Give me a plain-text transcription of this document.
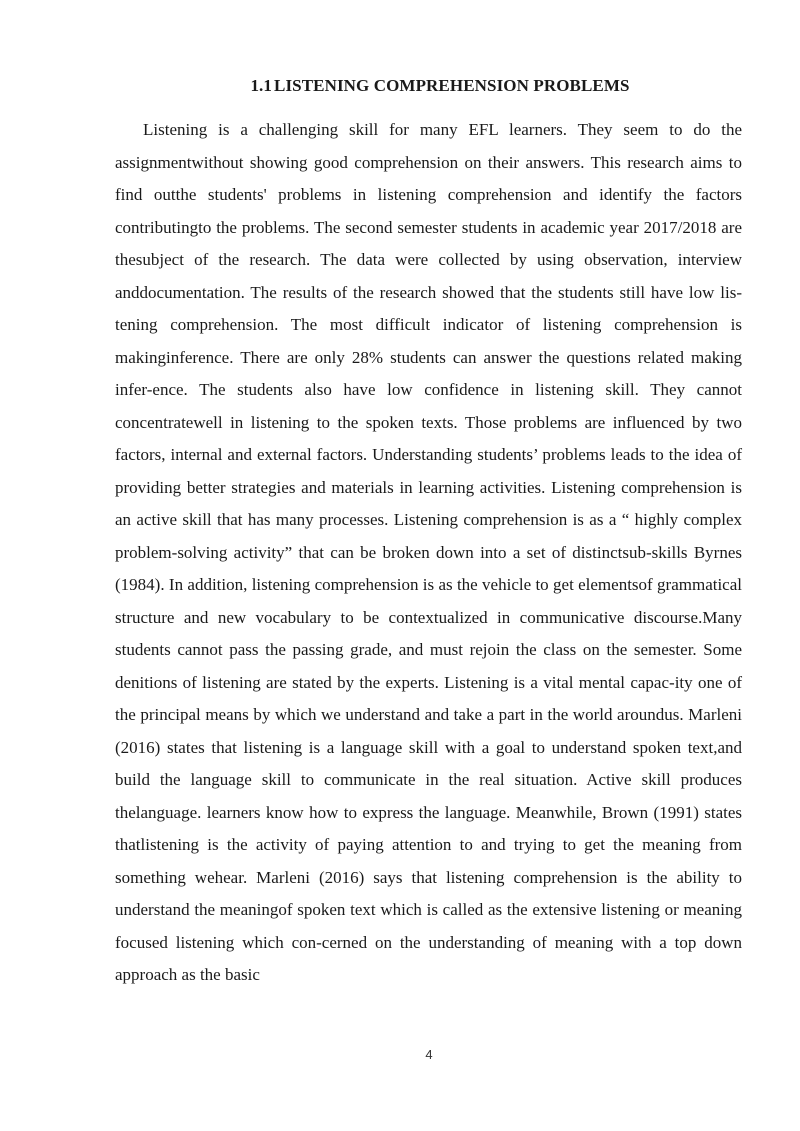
1.1 LISTENING COMPREHENSION PROBLEMS

Listening is a challenging skill for many EFL learners. They seem to do the assignmentwithout showing good comprehension on their answers. This research aims to find outthe students' problems in listening comprehension and identify the factors contributingto the problems. The second semester students in academic year 2017/2018 are thesubject of the research. The data were collected by using observation, interview anddocumentation. The results of the research showed that the students still have low lis-tening comprehension. The most difficult indicator of listening comprehension is makinginference. There are only 28% students can answer the questions related making infer-ence. The students also have low confidence in listening skill. They cannot concentratewell in listening to the spoken texts. Those problems are influenced by two factors, internal and external factors. Understanding students’ problems leads to the idea of providing better strategies and materials in learning activities. Listening comprehension is an active skill that has many processes. Listening comprehension is as a “ highly complex problem-solving activity” that can be broken down into a set of distinctsub-skills Byrnes (1984). In addition, listening comprehension is as the vehicle to get elementsof grammatical structure and new vocabulary to be contextualized in communicative discourse.Many students cannot pass the passing grade, and must rejoin the class on the semester. Some denitions of listening are stated by the experts. Listening is a vital mental capac-ity one of the principal means by which we understand and take a part in the world aroundus. Marleni (2016) states that listening is a language skill with a goal to understand spoken text,and build the language skill to communicate in the real situation. Active skill produces thelanguage. learners know how to express the language. Meanwhile, Brown (1991) states thatlistening is the activity of paying attention to and trying to get the meaning from something wehear. Marleni (2016) says that listening comprehension is the ability to understand the meaningof spoken text which is called as the extensive listening or meaning focused listening which con-cerned on the understanding of meaning with a top down approach as the basic

4
